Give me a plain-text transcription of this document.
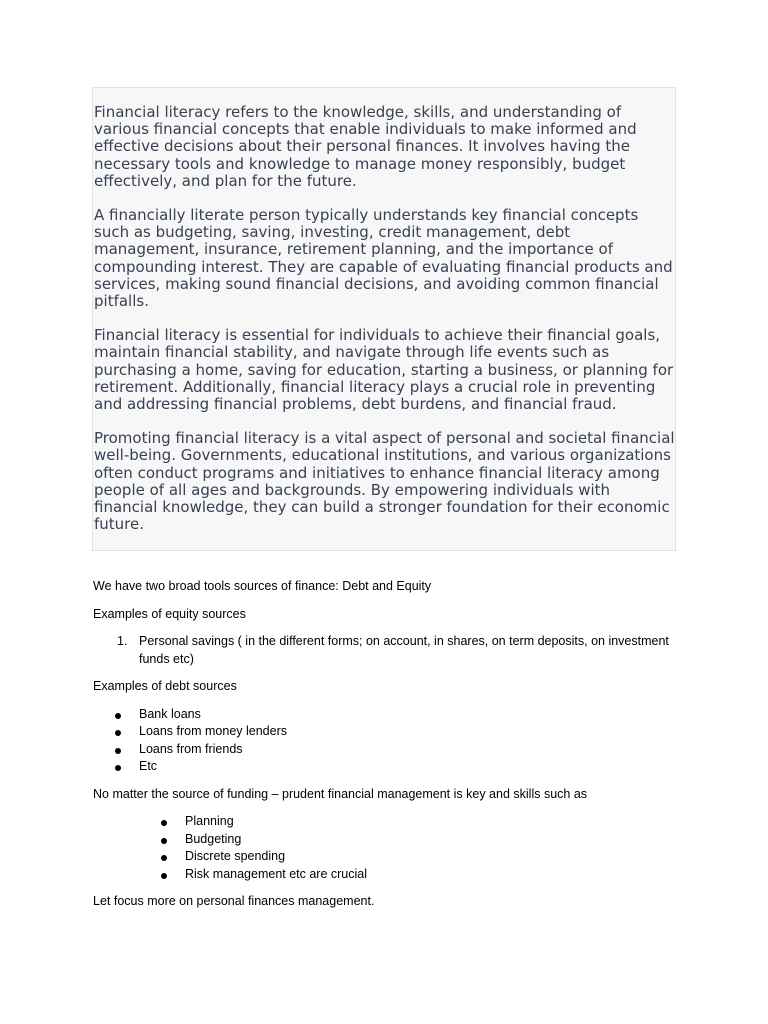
Financial literacy refers to the knowledge, skills, and understanding of various financial concepts that enable individuals to make informed and effective decisions about their personal finances. It involves having the necessary tools and knowledge to manage money responsibly, budget effectively, and plan for the future.

A financially literate person typically understands key financial concepts such as budgeting, saving, investing, credit management, debt management, insurance, retirement planning, and the importance of compounding interest. They are capable of evaluating financial products and services, making sound financial decisions, and avoiding common financial pitfalls.

Financial literacy is essential for individuals to achieve their financial goals, maintain financial stability, and navigate through life events such as purchasing a home, saving for education, starting a business, or planning for retirement. Additionally, financial literacy plays a crucial role in preventing and addressing financial problems, debt burdens, and financial fraud.

Promoting financial literacy is a vital aspect of personal and societal financial well-being. Governments, educational institutions, and various organizations often conduct programs and initiatives to enhance financial literacy among people of all ages and backgrounds. By empowering individuals with financial knowledge, they can build a stronger foundation for their economic future.

We have two broad tools sources of finance: Debt and Equity

Examples of equity sources

1. Personal savings ( in the different forms; on account, in shares, on term deposits, on investment funds etc)

Examples of debt sources

Bank loans
Loans from money lenders
Loans from friends
Etc

No matter the source of funding – prudent financial management is key and skills such as

Planning
Budgeting
Discrete spending
Risk management etc are crucial

Let focus more on personal finances management.
